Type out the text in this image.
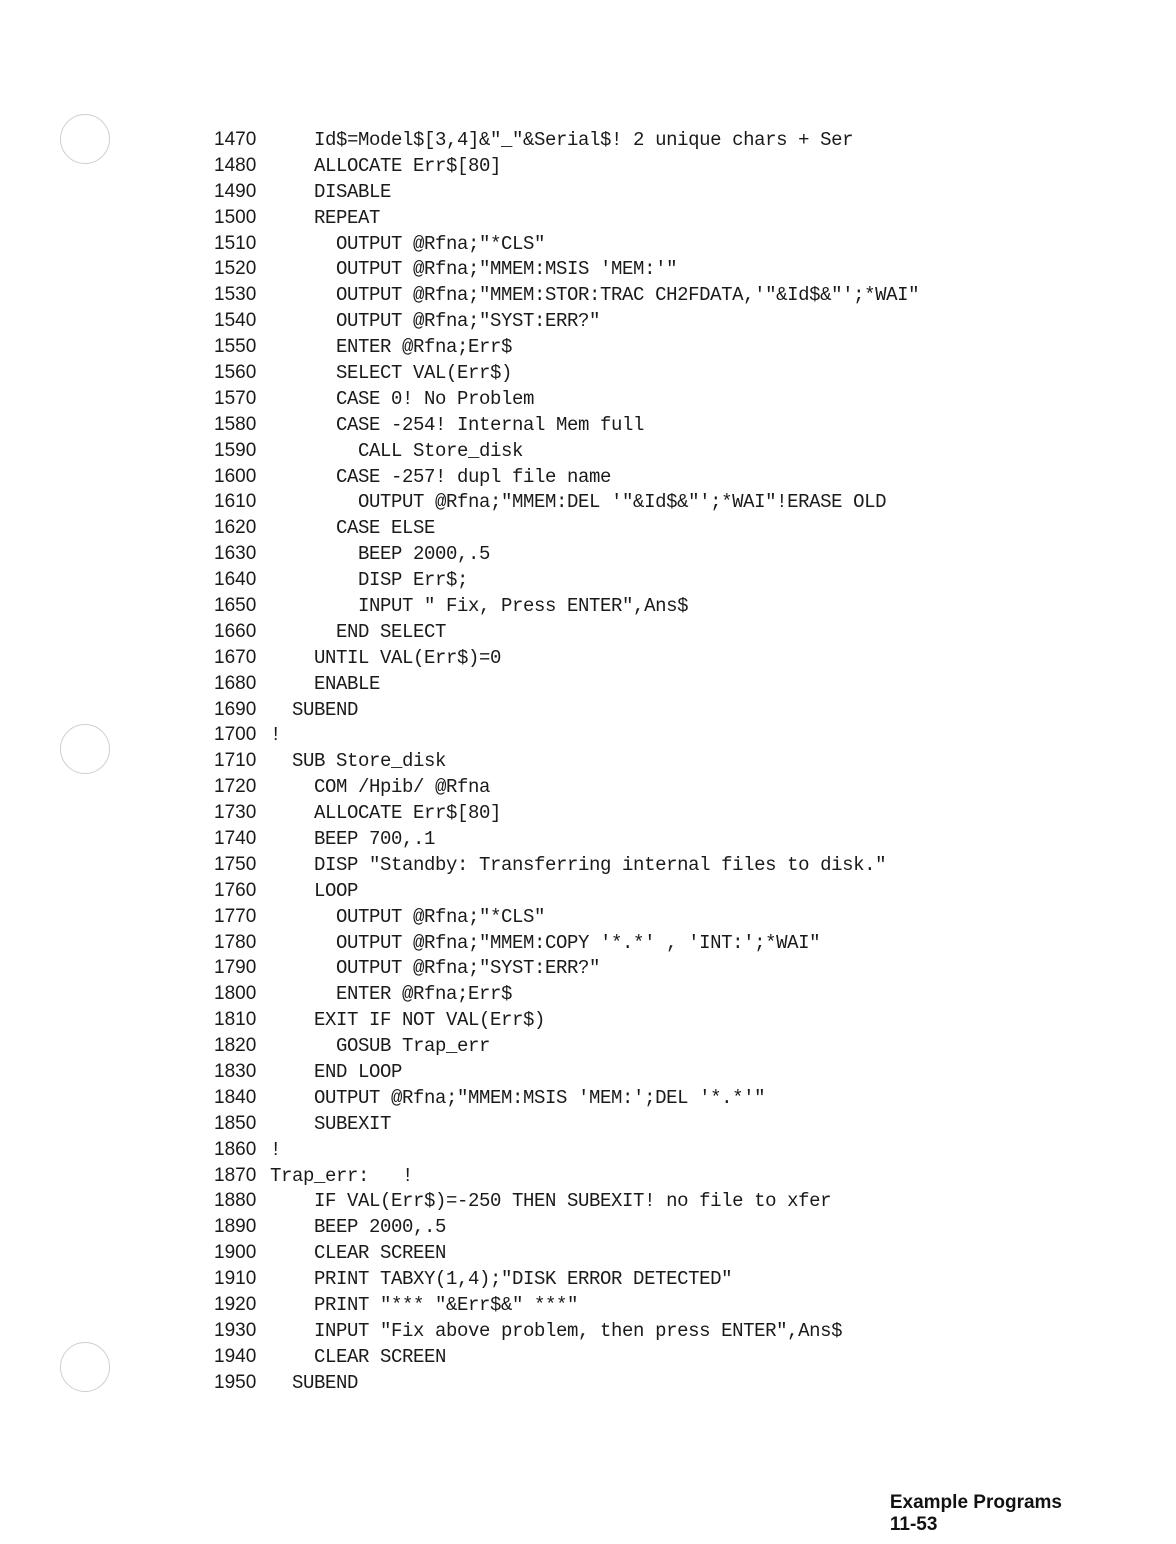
1470 Id$=Model$[3,4]&"_"&Serial$! 2 unique chars + Ser
1480 ALLOCATE Err$[80]
1490 DISABLE
1500 REPEAT
1510 OUTPUT @Rfna;"*CLS"
1520 OUTPUT @Rfna;"MMEM:MSIS 'MEM:'"
1530 OUTPUT @Rfna;"MMEM:STOR:TRAC CH2FDATA,'"&Id$&"';*WAI"
1540 OUTPUT @Rfna;"SYST:ERR?"
1550 ENTER @Rfna;Err$
1560 SELECT VAL(Err$)
1570 CASE 0! No Problem
1580 CASE -254! Internal Mem full
1590 CALL Store_disk
1600 CASE -257! dupl file name
1610 OUTPUT @Rfna;"MMEM:DEL '"&Id$&"';*WAI"!ERASE OLD
1620 CASE ELSE
1630 BEEP 2000,.5
1640 DISP Err$;
1650 INPUT " Fix, Press ENTER",Ans$
1660 END SELECT
1670 UNTIL VAL(Err$)=0
1680 ENABLE
1690 SUBEND
1700 !
1710 SUB Store_disk
1720 COM /Hpib/ @Rfna
1730 ALLOCATE Err$[80]
1740 BEEP 700,.1
1750 DISP "Standby: Transferring internal files to disk."
1760 LOOP
1770 OUTPUT @Rfna;"*CLS"
1780 OUTPUT @Rfna;"MMEM:COPY '*.*' , 'INT:';*WAI"
1790 OUTPUT @Rfna;"SYST:ERR?"
1800 ENTER @Rfna;Err$
1810 EXIT IF NOT VAL(Err$)
1820 GOSUB Trap_err
1830 END LOOP
1840 OUTPUT @Rfna;"MMEM:MSIS 'MEM:';DEL '*.*'"
1850 SUBEXIT
1860 !
1870 Trap_err:   !
1880 IF VAL(Err$)=-250 THEN SUBEXIT! no file to xfer
1890 BEEP 2000,.5
1900 CLEAR SCREEN
1910 PRINT TABXY(1,4);"DISK ERROR DETECTED"
1920 PRINT "*** "&Err$&" ***"
1930 INPUT "Fix above problem, then press ENTER",Ans$
1940 CLEAR SCREEN
1950 SUBEND

Example Programs
11-53
